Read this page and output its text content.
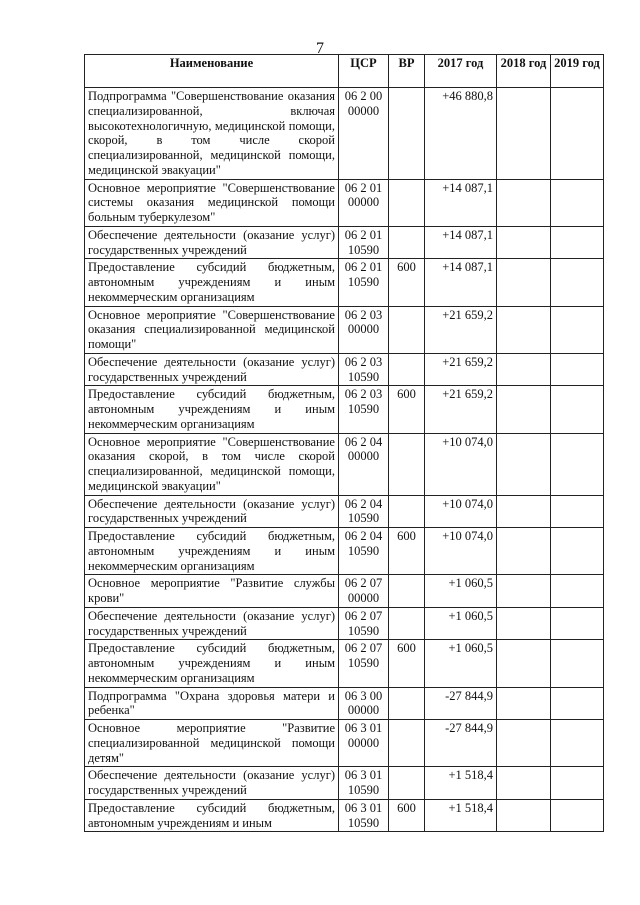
7
Наименование	ЦСР	ВР	2017 год	2018 год	2019 год
Подпрограмма "Совершенствование оказания специализированной, включая высокотехнологичную, медицинской помощи, скорой, в том числе скорой специализированной, медицинской помощи, медицинской эвакуации"	06 2 00 00000		+46 880,8		
Основное мероприятие "Совершенствование системы оказания медицинской помощи больным туберкулезом"	06 2 01 00000		+14 087,1		
Обеспечение деятельности (оказание услуг) государственных учреждений	06 2 01 10590		+14 087,1		
Предоставление субсидий бюджетным, автономным учреждениям и иным некоммерческим организациям	06 2 01 10590	600	+14 087,1		
Основное мероприятие "Совершенствование оказания специализированной медицинской помощи"	06 2 03 00000		+21 659,2		
Обеспечение деятельности (оказание услуг) государственных учреждений	06 2 03 10590		+21 659,2		
Предоставление субсидий бюджетным, автономным учреждениям и иным некоммерческим организациям	06 2 03 10590	600	+21 659,2		
Основное мероприятие "Совершенствование оказания скорой, в том числе скорой специализированной, медицинской помощи, медицинской эвакуации"	06 2 04 00000		+10 074,0		
Обеспечение деятельности (оказание услуг) государственных учреждений	06 2 04 10590		+10 074,0		
Предоставление субсидий бюджетным, автономным учреждениям и иным некоммерческим организациям	06 2 04 10590	600	+10 074,0		
Основное мероприятие "Развитие службы крови"	06 2 07 00000		+1 060,5		
Обеспечение деятельности (оказание услуг) государственных учреждений	06 2 07 10590		+1 060,5		
Предоставление субсидий бюджетным, автономным учреждениям и иным некоммерческим организациям	06 2 07 10590	600	+1 060,5		
Подпрограмма "Охрана здоровья матери и ребенка"	06 3 00 00000		-27 844,9		
Основное мероприятие "Развитие специализированной медицинской помощи детям"	06 3 01 00000		-27 844,9		
Обеспечение деятельности (оказание услуг) государственных учреждений	06 3 01 10590		+1 518,4		
Предоставление субсидий бюджетным, автономным учреждениям и иным	06 3 01 10590	600	+1 518,4		
